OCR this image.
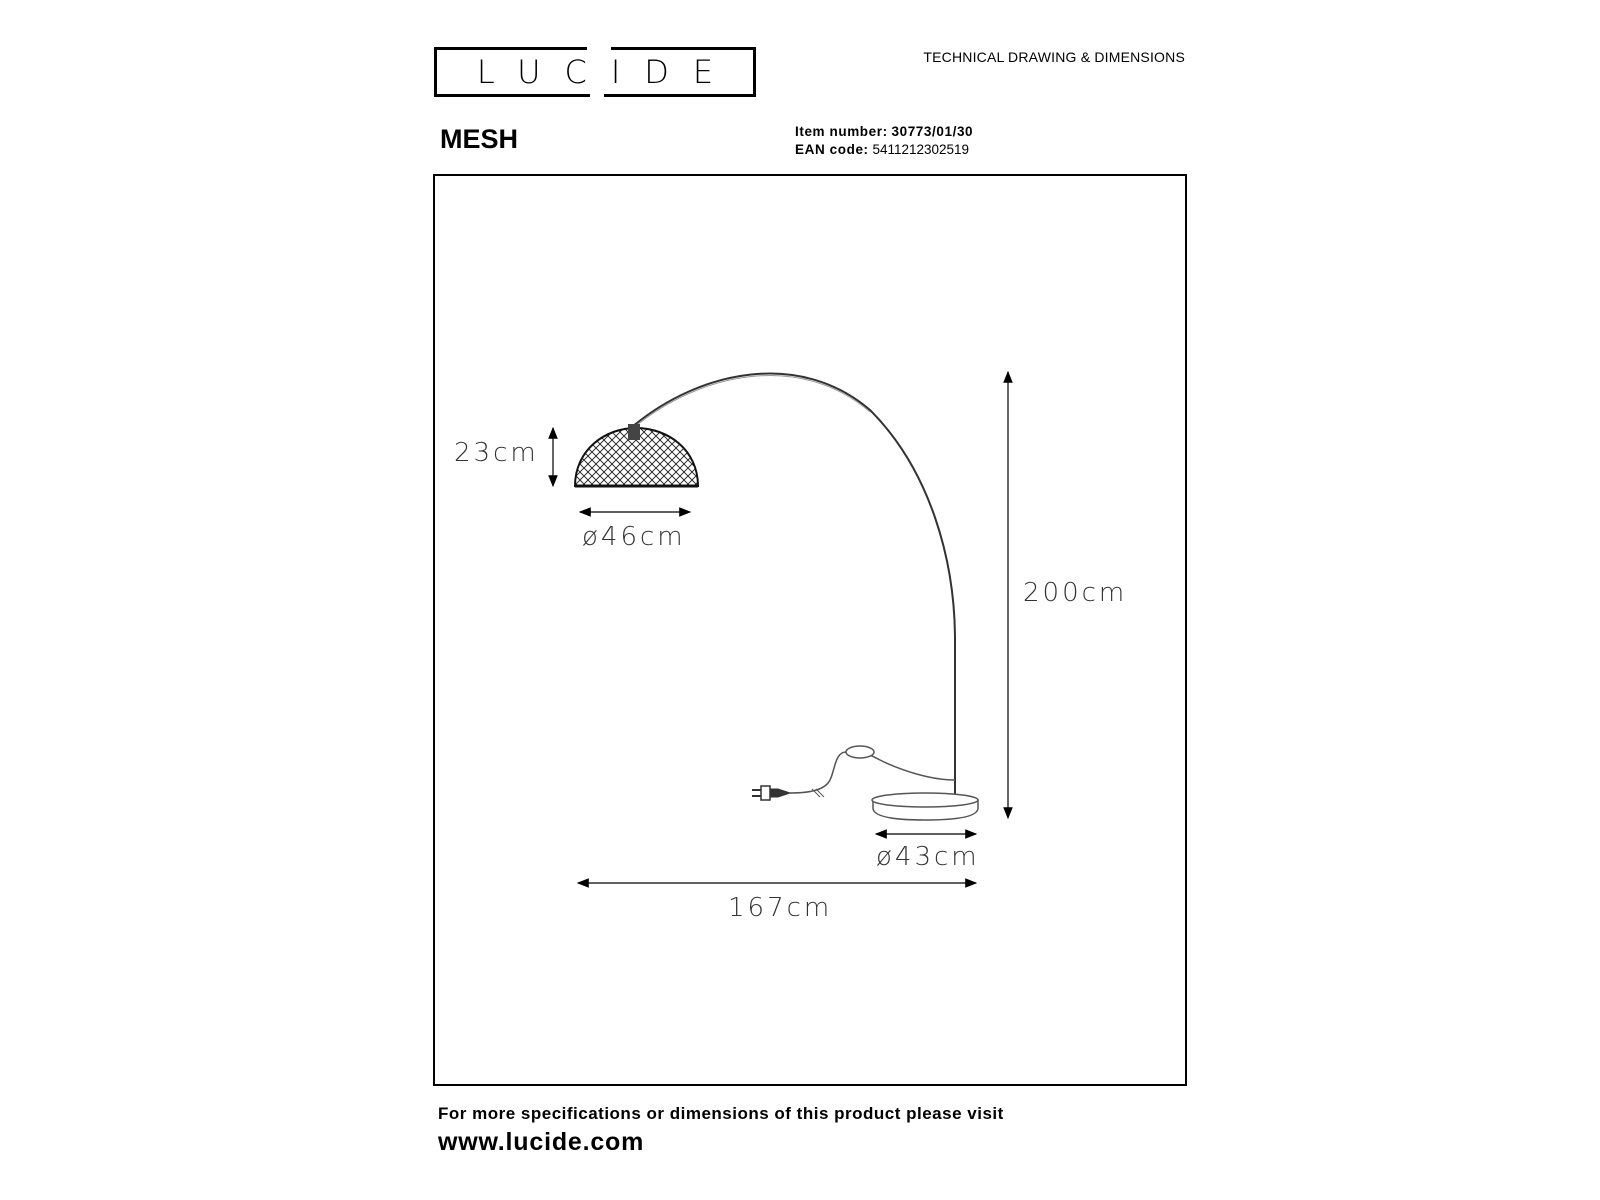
LUCIDE	TECHNICAL DRAWING & DIMENSIONS
MESH	Item number: 30773/01/30
EAN code: 5411212302519
23cm
ø46cm
200cm
ø43cm
167cm
For more specifications or dimensions of this product please visit
www.lucide.com
